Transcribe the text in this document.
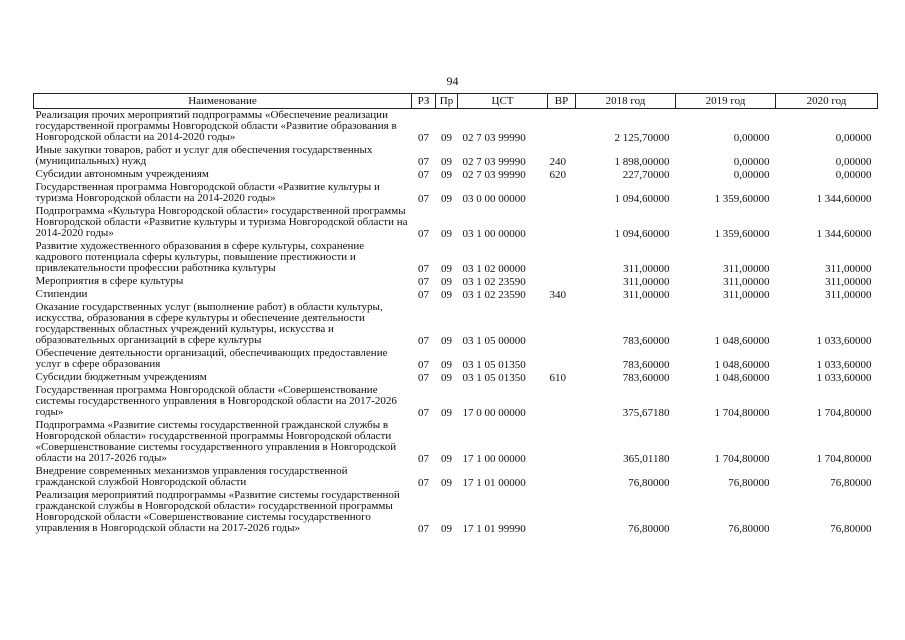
94
Наименование	РЗ	Пр	ЦСТ	ВР	2018 год	2019 год	2020 год
Реализация прочих мероприятий подпрограммы «Обеспечение реализации государственной программы Новгородской области «Развитие образования в Новгородской области на 2014-2020 годы»	07	09	02 7 03 99990		2 125,70000	0,00000	0,00000
Иные закупки товаров, работ и услуг для обеспечения государственных (муниципальных) нужд	07	09	02 7 03 99990	240	1 898,00000	0,00000	0,00000
Субсидии автономным учреждениям	07	09	02 7 03 99990	620	227,70000	0,00000	0,00000
Государственная программа Новгородской области «Развитие культуры и туризма Новгородской области на 2014-2020 годы»	07	09	03 0 00 00000		1 094,60000	1 359,60000	1 344,60000
Подпрограмма «Культура Новгородской области» государственной программы Новгородской области «Развитие культуры и туризма Новгородской области на 2014-2020 годы»	07	09	03 1 00 00000		1 094,60000	1 359,60000	1 344,60000
Развитие художественного образования в сфере культуры, сохранение кадрового потенциала сферы культуры, повышение престижности и привлекательности профессии работника культуры	07	09	03 1 02 00000		311,00000	311,00000	311,00000
Мероприятия в сфере культуры	07	09	03 1 02 23590		311,00000	311,00000	311,00000
Стипендии	07	09	03 1 02 23590	340	311,00000	311,00000	311,00000
Оказание государственных услуг (выполнение работ) в области культуры, искусства, образования в сфере культуры и обеспечение деятельности государственных областных учреждений культуры, искусства и образовательных организаций в сфере культуры	07	09	03 1 05 00000		783,60000	1 048,60000	1 033,60000
Обеспечение деятельности организаций, обеспечивающих предоставление услуг в сфере образования	07	09	03 1 05 01350		783,60000	1 048,60000	1 033,60000
Субсидии бюджетным учреждениям	07	09	03 1 05 01350	610	783,60000	1 048,60000	1 033,60000
Государственная программа Новгородской области «Совершенствование системы государственного управления в Новгородской области на 2017-2026 годы»	07	09	17 0 00 00000		375,67180	1 704,80000	1 704,80000
Подпрограмма «Развитие системы государственной гражданской службы в Новгородской области» государственной программы Новгородской области «Совершенствование системы государственного управления в Новгородской области на 2017-2026 годы»	07	09	17 1 00 00000		365,01180	1 704,80000	1 704,80000
Внедрение современных механизмов управления государственной гражданской службой Новгородской области	07	09	17 1 01 00000		76,80000	76,80000	76,80000
Реализация мероприятий подпрограммы «Развитие системы государственной гражданской службы в Новгородской области» государственной программы Новгородской области «Совершенствование системы государственного управления в Новгородской области на 2017-2026 годы»	07	09	17 1 01 99990		76,80000	76,80000	76,80000
